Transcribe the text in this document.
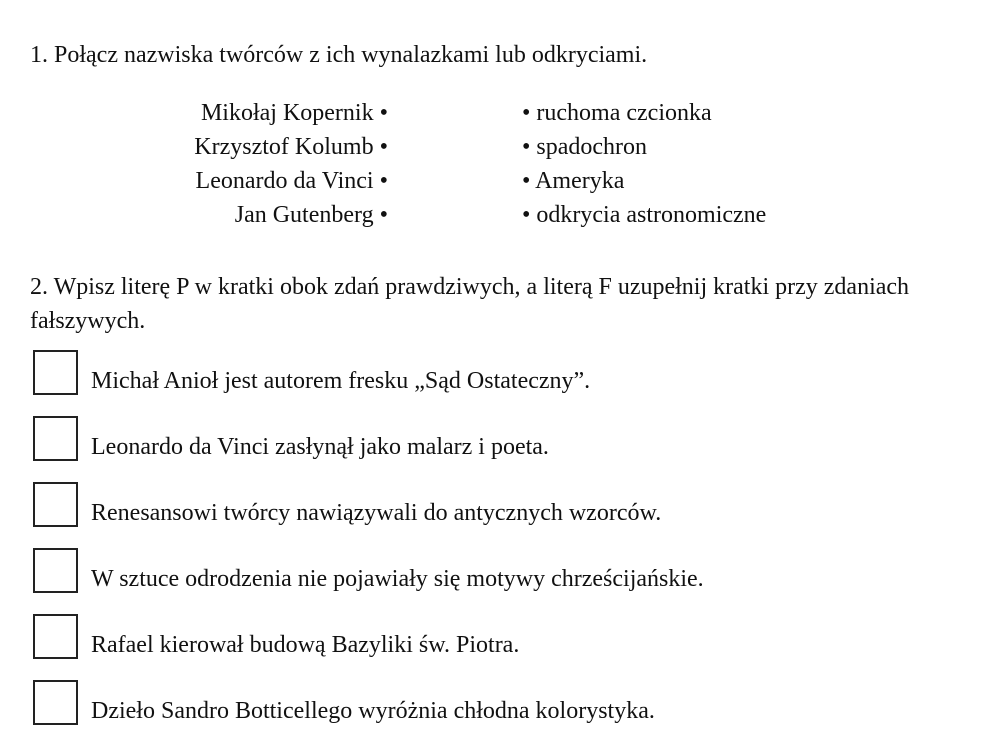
1. Połącz nazwiska twórców z ich wynalazkami lub odkryciami.

Mikołaj Kopernik •
Krzysztof Kolumb •
Leonardo da Vinci •
Jan Gutenberg •
• ruchoma czcionka
• spadochron
• Ameryka
• odkrycia astronomiczne

2. Wpisz literę P w kratki obok zdań prawdziwych, a literą F uzupełnij kratki przy zdaniach fałszywych.

Michał Anioł jest autorem fresku „Sąd Ostateczny”.
Leonardo da Vinci zasłynął jako malarz i poeta.
Renesansowi twórcy nawiązywali do antycznych wzorców.
W sztuce odrodzenia nie pojawiały się motywy chrześcijańskie.
Rafael kierował budową Bazyliki św. Piotra.
Dzieło Sandro Botticellego wyróżnia chłodna kolorystyka.
